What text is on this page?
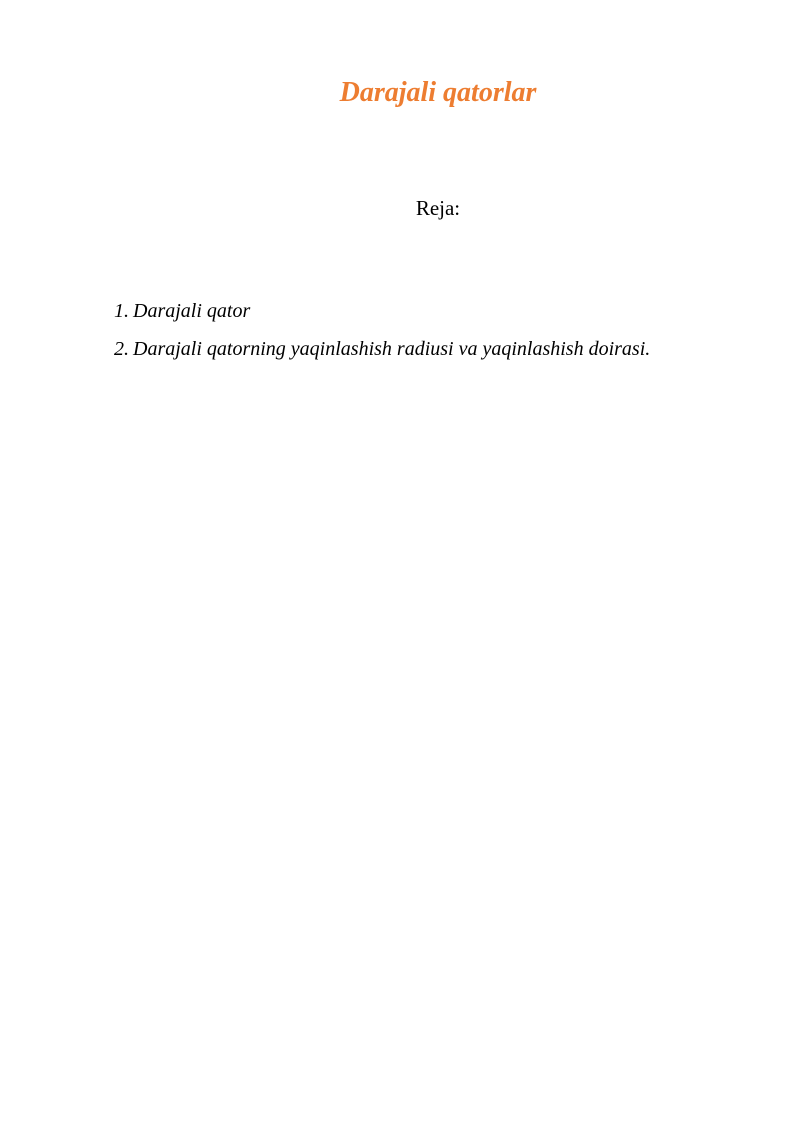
Darajali qatorlar

Reja:

1. Darajali qator
2. Darajali qatorning yaqinlashish radiusi va yaqinlashish doirasi.
